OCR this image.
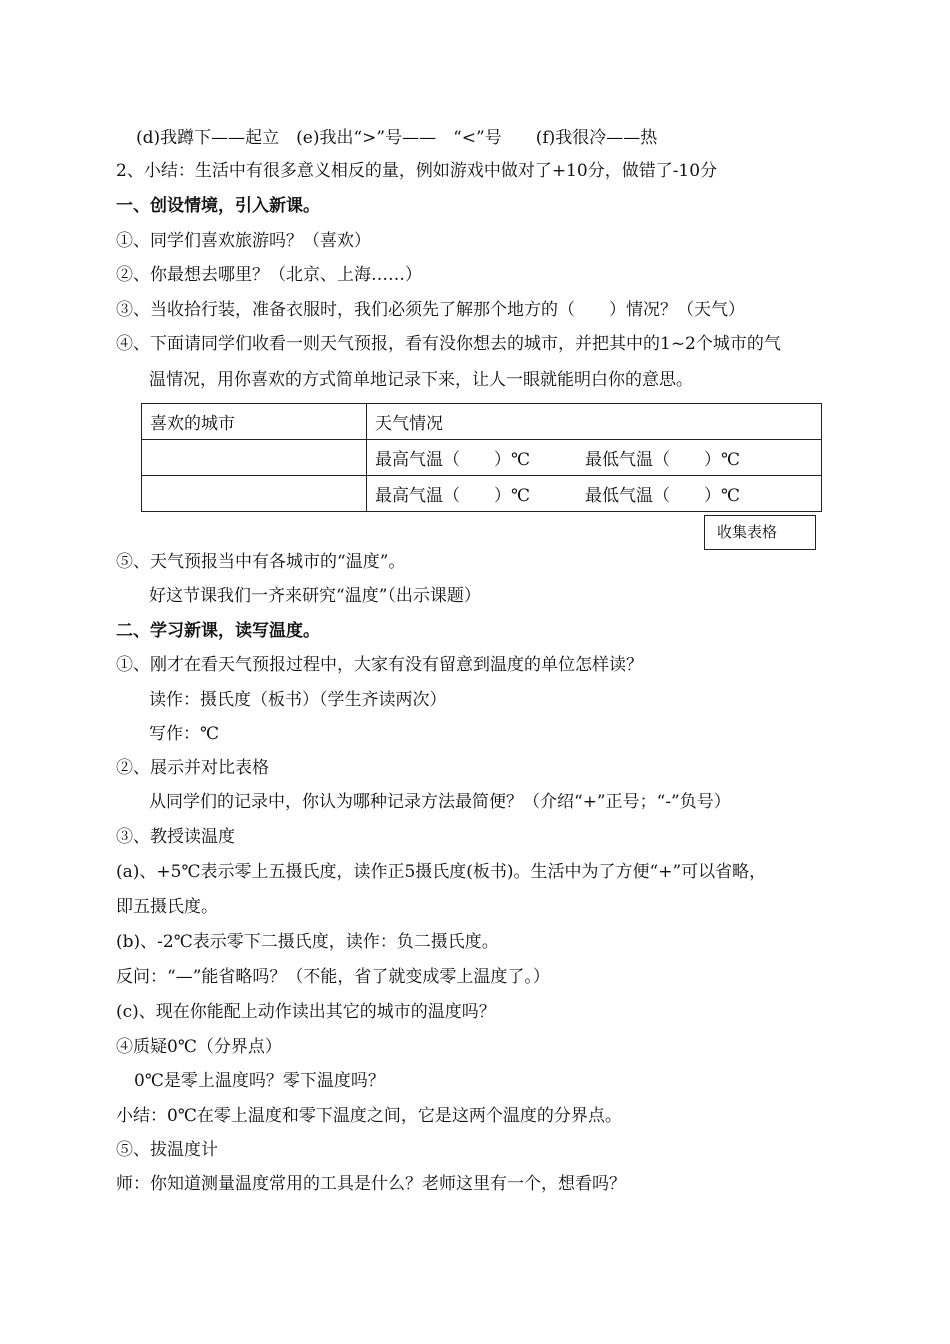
(d)我蹲下——起立　(e)我出“>”号——　“<”号　　(f)我很冷——热
2、小结：生活中有很多意义相反的量，例如游戏中做对了+10分，做错了-10分
一、创设情境，引入新课。
①、同学们喜欢旅游吗？（喜欢）
②、你最想去哪里？（北京、上海……）
③、当收拾行装，准备衣服时，我们必须先了解那个地方的（　　）情况？（天气）
④、下面请同学们收看一则天气预报，看有没你想去的城市，并把其中的1~2个城市的气
温情况，用你喜欢的方式简单地记录下来，让人一眼就能明白你的意思。
喜欢的城市	天气情况
	最高气温（　　）℃ 最低气温（　　）℃
	最高气温（　　）℃ 最低气温（　　）℃
收集表格
⑤、天气预报当中有各城市的“温度”。
好这节课我们一齐来研究“温度”（出示课题）
二、学习新课，读写温度。
①、刚才在看天气预报过程中，大家有没有留意到温度的单位怎样读？
读作：摄氏度（板书）（学生齐读两次）
写作：℃
②、展示并对比表格
从同学们的记录中，你认为哪种记录方法最简便？（介绍“+”正号；“-”负号）
③、教授读温度
(a)、+5℃表示零上五摄氏度，读作正5摄氏度(板书)。生活中为了方便“+”可以省略，
即五摄氏度。
(b)、-2℃表示零下二摄氏度，读作：负二摄氏度。
反问：“—”能省略吗？（不能，省了就变成零上温度了。）
(c)、现在你能配上动作读出其它的城市的温度吗？
④质疑0℃（分界点）
0℃是零上温度吗？零下温度吗？
小结：0℃在零上温度和零下温度之间，它是这两个温度的分界点。
⑤、拔温度计
师：你知道测量温度常用的工具是什么？老师这里有一个，想看吗？
